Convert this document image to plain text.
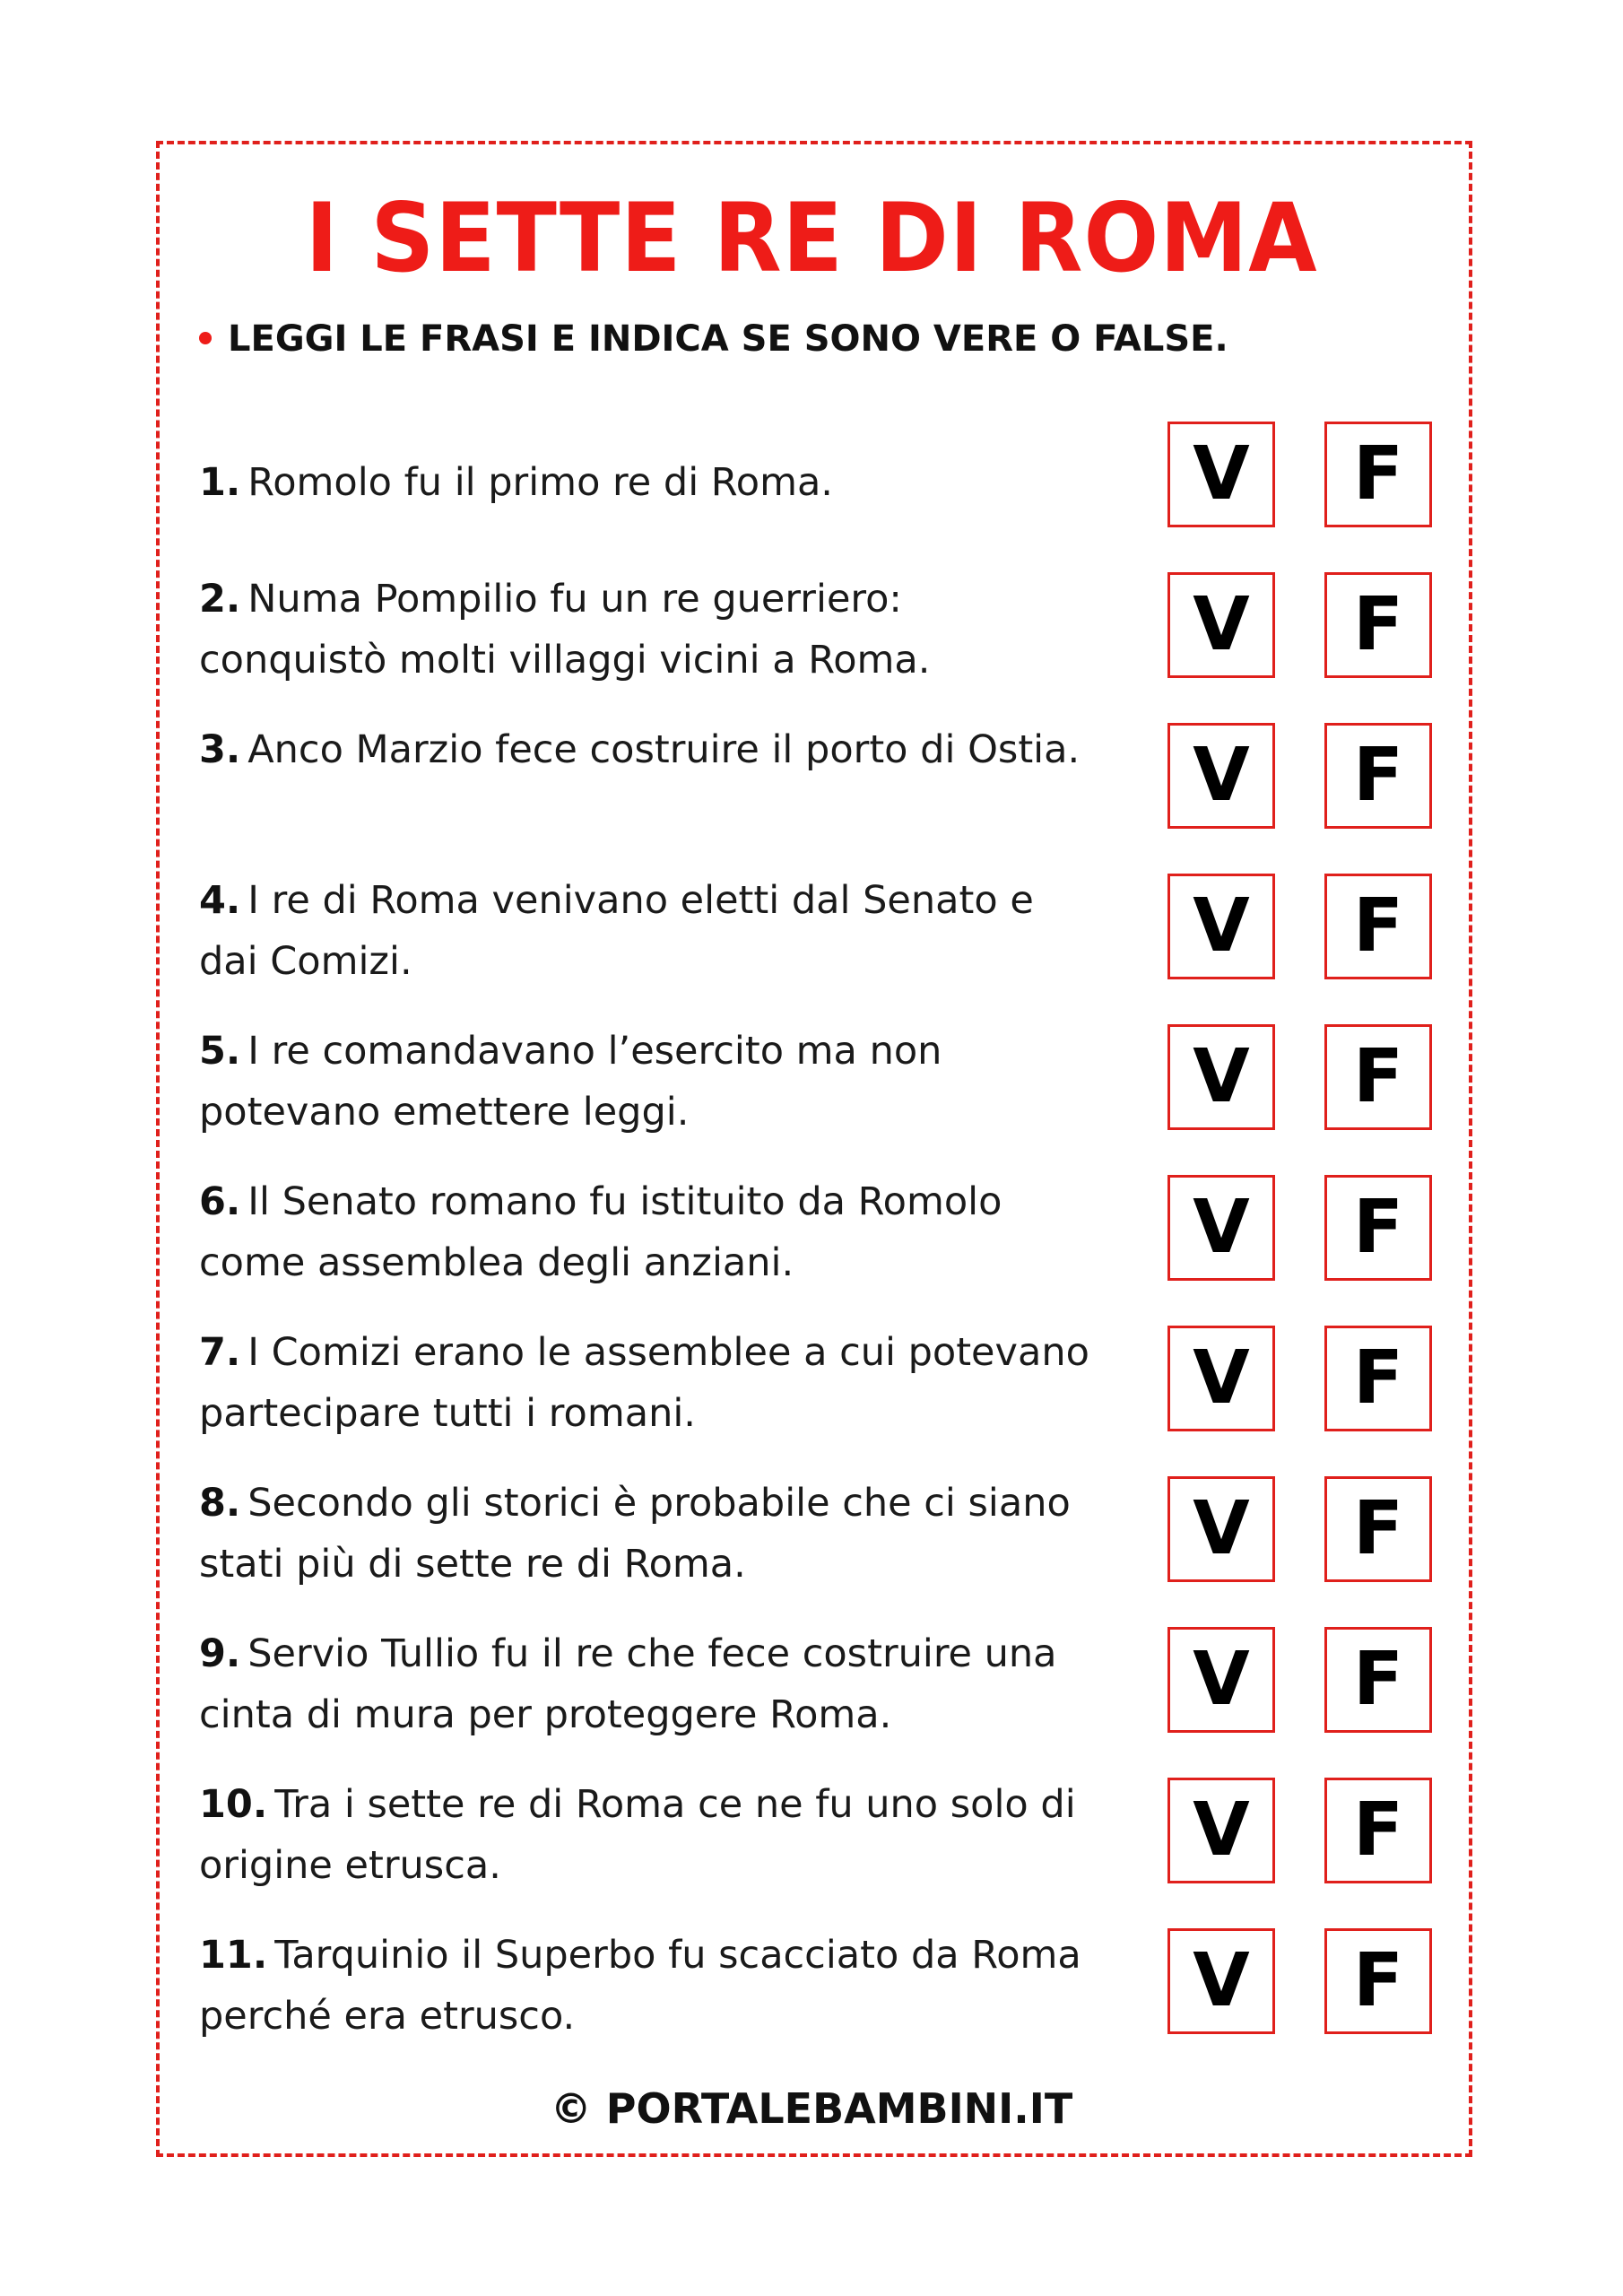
I SETTE RE DI ROMA
LEGGI LE FRASI E INDICA SE SONO VERE O FALSE.
1. Romolo fu il primo re di Roma.	V	F
2. Numa Pompilio fu un re guerriero: conquistò molti villaggi vicini a Roma.	V	F
3. Anco Marzio fece costruire il porto di Ostia.	V	F
4. I re di Roma venivano eletti dal Senato e dai Comizi.	V	F
5. I re comandavano l’esercito ma non potevano emettere leggi.	V	F
6. Il Senato romano fu istituito da Romolo come assemblea degli anziani.	V	F
7. I Comizi erano le assemblee a cui potevano partecipare tutti i romani.	V	F
8. Secondo gli storici è probabile che ci siano stati più di sette re di Roma.	V	F
9. Servio Tullio fu il re che fece costruire una cinta di mura per proteggere Roma.	V	F
10. Tra i sette re di Roma ce ne fu uno solo di origine etrusca.	V	F
11. Tarquinio il Superbo fu scacciato da Roma perché era etrusco.	V	F
© PORTALEBAMBINI.IT
